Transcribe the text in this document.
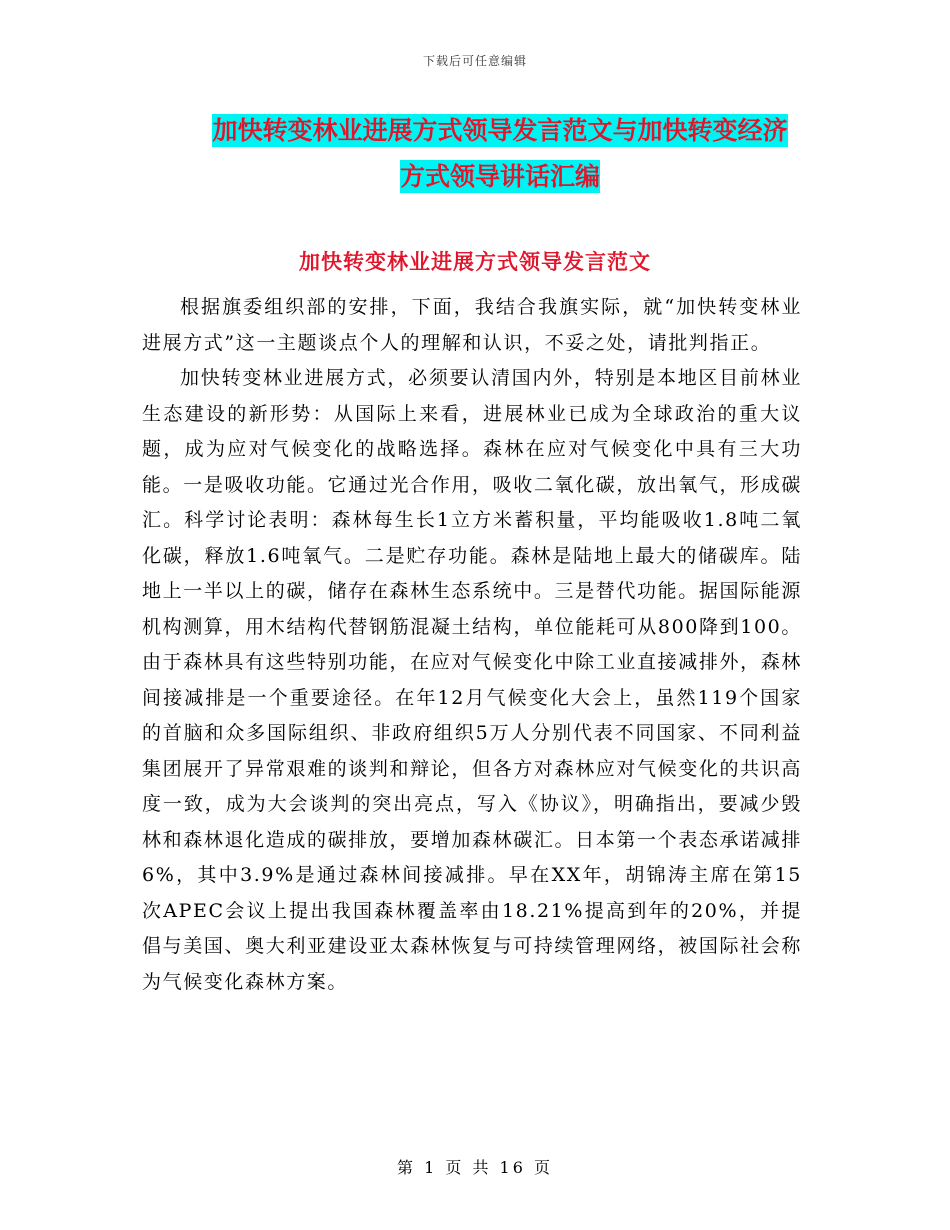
下载后可任意编辑
加快转变林业进展方式领导发言范文与加快转变经济
方式领导讲话汇编
加快转变林业进展方式领导发言范文

根据旗委组织部的安排，下面，我结合我旗实际，就“加快转变林业进展方式”这一主题谈点个人的理解和认识，不妥之处，请批判指正。

加快转变林业进展方式，必须要认清国内外，特别是本地区目前林业生态建设的新形势：从国际上来看，进展林业已成为全球政治的重大议题，成为应对气候变化的战略选择。森林在应对气候变化中具有三大功能。一是吸收功能。它通过光合作用，吸收二氧化碳，放出氧气，形成碳汇。科学讨论表明：森林每生长1立方米蓄积量，平均能吸收1.8吨二氧化碳，释放1.6吨氧气。二是贮存功能。森林是陆地上最大的储碳库。陆地上一半以上的碳，储存在森林生态系统中。三是替代功能。据国际能源机构测算，用木结构代替钢筋混凝土结构，单位能耗可从800降到100。由于森林具有这些特别功能，在应对气候变化中除工业直接减排外，森林间接减排是一个重要途径。在年12月气候变化大会上，虽然119个国家的首脑和众多国际组织、非政府组织5万人分别代表不同国家、不同利益集团展开了异常艰难的谈判和辩论，但各方对森林应对气候变化的共识高度一致，成为大会谈判的突出亮点，写入《协议》，明确指出，要减少毁林和森林退化造成的碳排放，要增加森林碳汇。日本第一个表态承诺减排6%，其中3.9%是通过森林间接减排。早在XX年，胡锦涛主席在第15次APEC会议上提出我国森林覆盖率由18.21%提高到年的20%，并提倡与美国、奥大利亚建设亚太森林恢复与可持续管理网络，被国际社会称为气候变化森林方案。

第 1 页 共 16 页
